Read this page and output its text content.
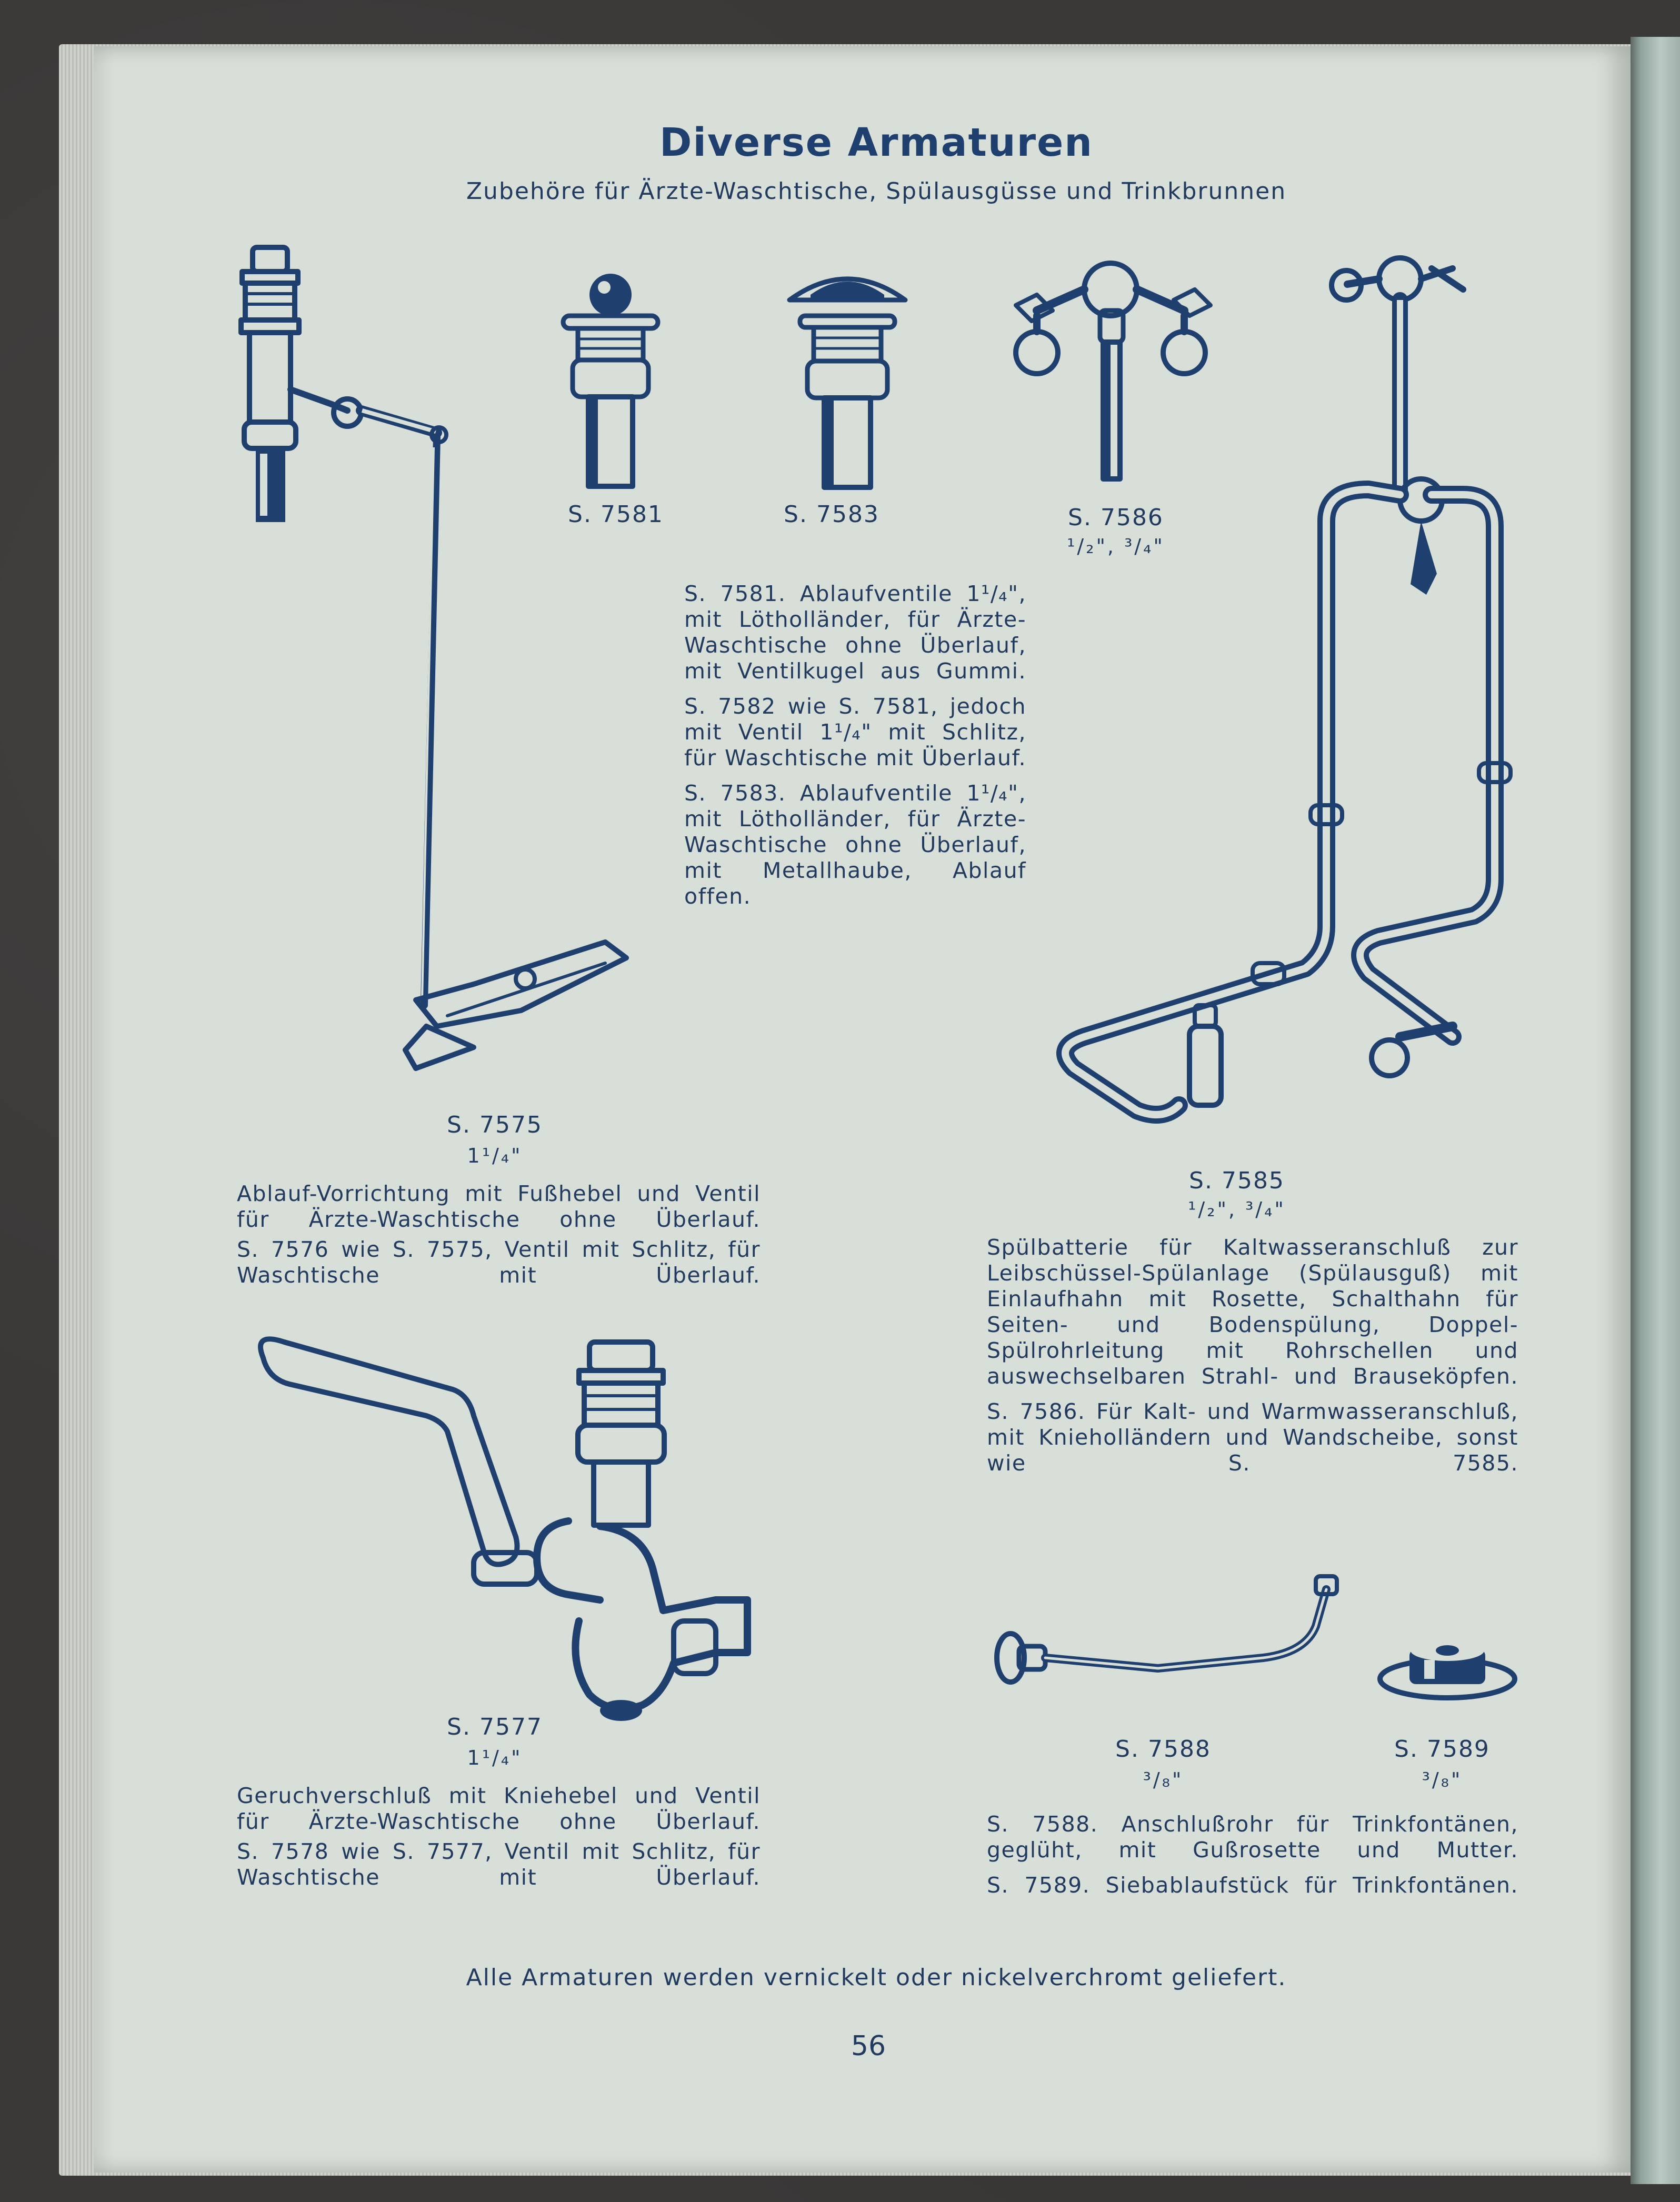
Diverse Armaturen
Zubehöre für Ärzte-Waschtische, Spülausgüsse und Trinkbrunnen
S. 7581	S. 7583	S. 7586
¹/₂", ³/₄"

S. 7581. Ablaufventile 1¹/₄", mit Lötholländer, für Ärzte-Waschtische ohne Überlauf, mit Ventilkugel aus Gummi.

S. 7582 wie S. 7581, jedoch mit Ventil 1¹/₄" mit Schlitz, für Waschtische mit Überlauf.

S. 7583. Ablaufventile 1¹/₄", mit Lötholländer, für Ärzte-Waschtische ohne Überlauf, mit Metallhaube, Ablauf offen.

S. 7575
1¹/₄"

Ablauf-Vorrichtung mit Fußhebel und Ventil für Ärzte-Waschtische ohne Überlauf.

S. 7576 wie S. 7575, Ventil mit Schlitz, für Waschtische mit Überlauf.

S. 7585
¹/₂", ³/₄"

Spülbatterie für Kaltwasseranschluß zur Leibschüssel-Spülanlage (Spülausguß) mit Einlaufhahn mit Rosette, Schalthahn für Seiten- und Bodenspülung, Doppel-Spülrohrleitung mit Rohrschellen und auswechselbaren Strahl- und Brauseköpfen.

S. 7586. Für Kalt- und Warmwasseranschluß, mit Knieholländern und Wandscheibe, sonst wie S. 7585.

S. 7577
1¹/₄"

Geruchverschluß mit Kniehebel und Ventil für Ärzte-Waschtische ohne Überlauf.

S. 7578 wie S. 7577, Ventil mit Schlitz, für Waschtische mit Überlauf.

S. 7588
³/₈"
S. 7589
³/₈"

S. 7588. Anschlußrohr für Trinkfontänen, geglüht, mit Gußrosette und Mutter.

S. 7589. Siebablaufstück für Trinkfontänen.

Alle Armaturen werden vernickelt oder nickelverchromt geliefert.
56
